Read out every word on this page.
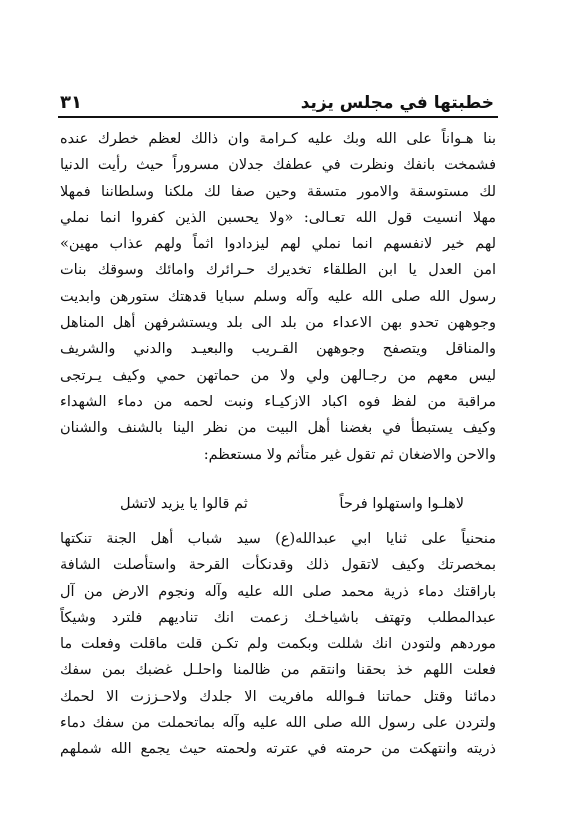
خطبتها في مجلس يزيد
٣١
بنا هـواناً على الله وبك عليه كـرامة وان ذالك لعظم خطرك عنده
فشمخت بانفك ونظرت في عطفك جدلان مسروراً حيث رأيت الدنيا
لك مستوسقة والامور متسقة وحين صفا لك ملكنا وسلطاننا فمهلا
مهلا انسيت قول الله تعـالى: «ولا يحسبن الذين كفروا انما نملي
لهم خير لانفسهم انما نملي لهم ليزدادوا اثماً ولهم عذاب مهين»
امن العدل يا ابن الطلقاء تخديرك حـرائرك وامائك وسوقك بنات
رسول الله صلى الله عليه وآله وسلم سبايا قدهتك ستورهن وابديت
وجوههن تحدو بهن الاعداء من بلد الى بلد ويستشرفهن أهل المناهل
والمناقل ويتصفح وجوههن القـريب والبعيـد والدني والشريف
ليس معهم من رجـالهن ولي ولا من حماتهن حمي وكيف يـرتجى
مراقبة من لفظ فوه اكباد الازكيـاء ونبت لحمه من دماء الشهداء
وكيف يستبطأ في بغضنا أهل البيت من نظر الينا بالشنف والشنان
والاحن والاضغان ثم تقول غير متأثم ولا مستعظم:
لاهلـوا واستهلوا فرحاً
ثم قالوا يا يزيد لاتشل
منحنياً على ثنايا ابي عبدالله(ع) سيد شباب أهل الجنة تنكتها
بمخصرتك وكيف لاتقول ذلك وقدنكأت القرحة واستأصلت الشافة
باراقتك دماء ذرية محمد صلى الله عليه وآله ونجوم الارض من آل
عبدالمطلب وتهتف باشياخـك زعمت انك تناديهم فلترد وشيكاً
موردهم ولتودن انك شللت وبكمت ولم تكـن قلت ماقلت وفعلت ما
فعلت اللهم خذ بحقنا وانتقم من ظالمنا واحلـل غضبك بمن سفك
دمائنا وقتل حماتنا فـوالله مافريت الا جلدك ولاحـززت الا لحمك
ولتردن على رسول الله صلى الله عليه وآله بماتحملت من سفك دماء
ذريته وانتهكت من حرمته في عترته ولحمته حيث يجمع الله شملهم
